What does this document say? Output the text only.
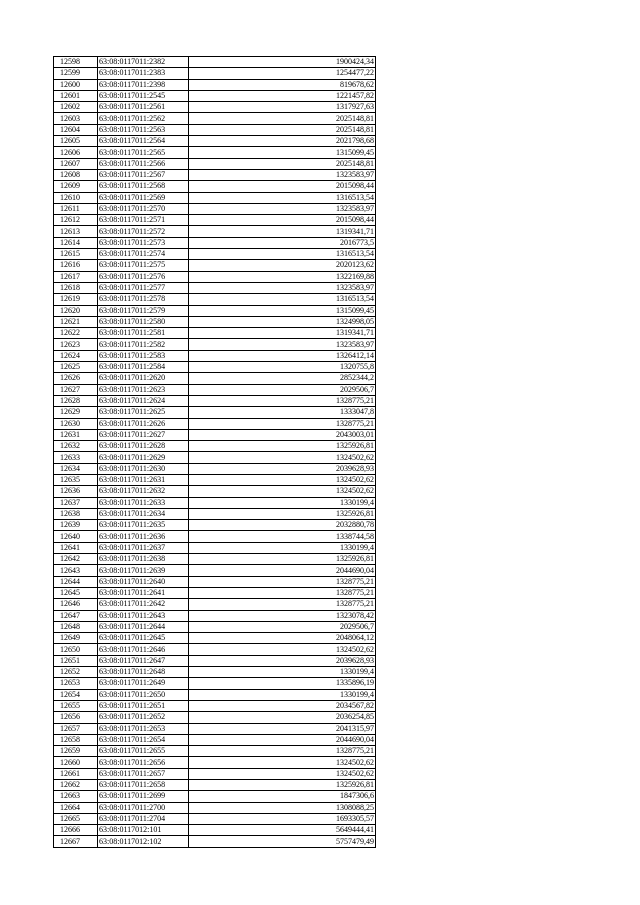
12598	63:08:0117011:2382	1900424,34
12599	63:08:0117011:2383	1254477,22
12600	63:08:0117011:2398	819678,62
12601	63:08:0117011:2545	1221457,82
12602	63:08:0117011:2561	1317927,63
12603	63:08:0117011:2562	2025148,81
12604	63:08:0117011:2563	2025148,81
12605	63:08:0117011:2564	2021798,68
12606	63:08:0117011:2565	1315099,45
12607	63:08:0117011:2566	2025148,81
12608	63:08:0117011:2567	1323583,97
12609	63:08:0117011:2568	2015098,44
12610	63:08:0117011:2569	1316513,54
12611	63:08:0117011:2570	1323583,97
12612	63:08:0117011:2571	2015098,44
12613	63:08:0117011:2572	1319341,71
12614	63:08:0117011:2573	2016773,5
12615	63:08:0117011:2574	1316513,54
12616	63:08:0117011:2575	2020123,62
12617	63:08:0117011:2576	1322169,88
12618	63:08:0117011:2577	1323583,97
12619	63:08:0117011:2578	1316513,54
12620	63:08:0117011:2579	1315099,45
12621	63:08:0117011:2580	1324998,05
12622	63:08:0117011:2581	1319341,71
12623	63:08:0117011:2582	1323583,97
12624	63:08:0117011:2583	1326412,14
12625	63:08:0117011:2584	1320755,8
12626	63:08:0117011:2620	2852344,2
12627	63:08:0117011:2623	2029506,7
12628	63:08:0117011:2624	1328775,21
12629	63:08:0117011:2625	1333047,8
12630	63:08:0117011:2626	1328775,21
12631	63:08:0117011:2627	2043003,01
12632	63:08:0117011:2628	1325926,81
12633	63:08:0117011:2629	1324502,62
12634	63:08:0117011:2630	2039628,93
12635	63:08:0117011:2631	1324502,62
12636	63:08:0117011:2632	1324502,62
12637	63:08:0117011:2633	1330199,4
12638	63:08:0117011:2634	1325926,81
12639	63:08:0117011:2635	2032880,78
12640	63:08:0117011:2636	1338744,58
12641	63:08:0117011:2637	1330199,4
12642	63:08:0117011:2638	1325926,81
12643	63:08:0117011:2639	2044690,04
12644	63:08:0117011:2640	1328775,21
12645	63:08:0117011:2641	1328775,21
12646	63:08:0117011:2642	1328775,21
12647	63:08:0117011:2643	1323078,42
12648	63:08:0117011:2644	2029506,7
12649	63:08:0117011:2645	2048064,12
12650	63:08:0117011:2646	1324502,62
12651	63:08:0117011:2647	2039628,93
12652	63:08:0117011:2648	1330199,4
12653	63:08:0117011:2649	1335896,19
12654	63:08:0117011:2650	1330199,4
12655	63:08:0117011:2651	2034567,82
12656	63:08:0117011:2652	2036254,85
12657	63:08:0117011:2653	2041315,97
12658	63:08:0117011:2654	2044690,04
12659	63:08:0117011:2655	1328775,21
12660	63:08:0117011:2656	1324502,62
12661	63:08:0117011:2657	1324502,62
12662	63:08:0117011:2658	1325926,81
12663	63:08:0117011:2699	1847306,6
12664	63:08:0117011:2700	1308088,25
12665	63:08:0117011:2704	1693305,57
12666	63:08:0117012:101	5649444,41
12667	63:08:0117012:102	5757479,49
